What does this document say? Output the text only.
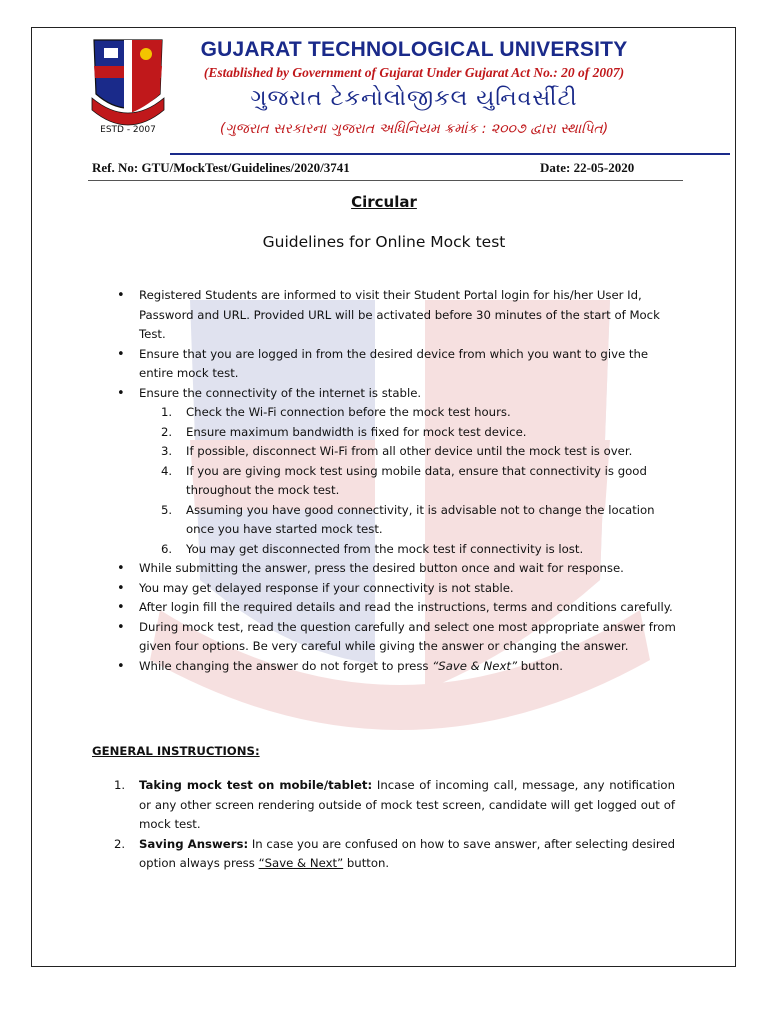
ESTD - 2007
GUJARAT TECHNOLOGICAL UNIVERSITY
(Established by Government of Gujarat Under Gujarat Act No.: 20 of 2007)
ગુજરાત ટેકનોલોજીકલ યુનિવર્સીટી
(ગુજરાત સરકારના ગુજરાત અધિનિયમ ક્રમાંક : ૨૦૦૭ દ્વારા સ્થાપિત)
Ref. No: GTU/MockTest/Guidelines/2020/3741	Date: 22-05-2020
Circular
Guidelines for Online Mock test
• Registered Students are informed to visit their Student Portal login for his/her User Id, Password and URL. Provided URL will be activated before 30 minutes of the start of Mock Test.
• Ensure that you are logged in from the desired device from which you want to give the entire mock test.
• Ensure the connectivity of the internet is stable.
1. Check the Wi-Fi connection before the mock test hours.
2. Ensure maximum bandwidth is fixed for mock test device.
3. If possible, disconnect Wi-Fi from all other device until the mock test is over.
4. If you are giving mock test using mobile data, ensure that connectivity is good throughout the mock test.
5. Assuming you have good connectivity, it is advisable not to change the location once you have started mock test.
6. You may get disconnected from the mock test if connectivity is lost.
• While submitting the answer, press the desired button once and wait for response.
• You may get delayed response if your connectivity is not stable.
• After login fill the required details and read the instructions, terms and conditions carefully.
• During mock test, read the question carefully and select one most appropriate answer from given four options. Be very careful while giving the answer or changing the answer.
• While changing the answer do not forget to press “Save & Next” button.
GENERAL INSTRUCTIONS:
1. Taking mock test on mobile/tablet: Incase of incoming call, message, any notification or any other screen rendering outside of mock test screen, candidate will get logged out of mock test.
2. Saving Answers: In case you are confused on how to save answer, after selecting desired option always press “Save & Next” button.
